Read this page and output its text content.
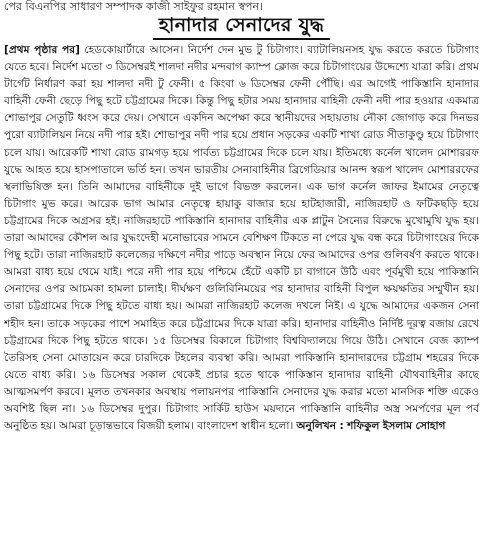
পের বিএনপির সাধারণ সম্পাদক কাজী সাইফুর রহমান স্বপন।
হানাদার সেনাদের যুদ্ধ

[প্রথম পৃষ্ঠার পর] হেডকোয়ার্টারে আসেন। নির্দেশ দেন মুভ টু চিটাগাং। ব্যাটালিয়নসহ যুদ্ধ করতে করতে চিটাগাং যেতে হবে। নির্দেশ মতো ৩ ডিসেম্বরই শালদা নদীর মন্দবাগ ক্যাম্প ক্লোজ করে চিটাগাংয়ের উদ্দেশ্যে যাত্রা করি। প্রথম টার্গেট নির্ধারণ করা হয় শালদা নদী টু ফেনী। ৫ কিংবা ৬ ডিসেম্বর ফেনী পৌঁছি। এর আগেই পাকিস্তানি হানাদার বাহিনী ফেনী ছেড়ে পিছু হটে চট্টগ্রামের দিকে। কিন্তু পিছু হটার সময় হানাদার বাহিনী ফেনী নদী পার হওয়ার একমাত্র শোভাপুর সেতুটি ধ্বংস করে দেয়। সেখানে একদিন অপেক্ষা করে স্থানীয়দের সহায়তায় নৌকা জোগাড় করে দিনভর পুরো ব্যাটালিয়ন নিয়ে নদী পার হই। শোভাপুর নদী পার হয়ে প্রধান সড়কের একটি শাখা রোড সীতাকুণ্ডু হয়ে চিটাগাং চলে যায়। আরেকটি শাখা রোড রামগড় হয়ে পার্বত্য চট্টগ্রামের দিকে চলে যায়। ইতিমধ্যে কর্নেল খালেদ মোশাররফ যুদ্ধে আহত হয়ে হাসপাতালে ভর্তি হন। তখন ভারতীয় সেনাবাহিনীর ব্রিগেডিয়ার আনন্দ স্বরূপ খালেদ মোশাররফের স্থলাভিষিক্ত হন। তিনি আমাদের বাহিনীকে দুই ভাগে বিভক্ত করলেন। এক ভাগ কর্নেল জাফর ইমামের নেতৃত্বে চিটাগাং মুভ করে। আরেক ভাগ আমার নেতৃত্বে হায়াকু বাজার হয়ে হাটহাজারী, নাজিরহাট ও ফটিকছড়ি হয়ে চট্টগ্রামের দিকে অগ্রসর হই। নাজিরহাটে পাকিস্তানি হানাদার বাহিনীর এক প্লাটুন সৈন্যের বিরুদ্ধে মুখোমুখি যুদ্ধ হয়। তারা আমাদের কৌশল আর যুদ্ধংদেহী মনোভাবের সামনে বেশিক্ষণ টিকতে না পেরে যুদ্ধ বন্ধ করে চিটাগাংয়ের দিকে পিছু হটে। তারা নাজিরহাট কলেজের দক্ষিণে নদীর পাড়ে অবস্থান নিয়ে ফের আমাদের ওপর গুলিবর্ষণ করতে থাকে। আমরা বাধ্য হয়ে থেমে যাই। পরে নদী পার হয়ে পশ্চিমে হেঁটে একটি চা বাগানে উঠি এবং পূর্বমুখী হয়ে পাকিস্তানি সেনাদের ওপর আচমকা হামলা চালাই। দীর্ঘক্ষণ গুলিবিনিময়ের পর হানাদার বাহিনী বিপুল ক্ষয়ক্ষতির সম্মুখীন হয়। তারা চট্টগ্রামের দিকে পিছু হটতে বাধ্য হয়। আমরা নাজিরহাট কলেজ দখলে নিই। এ যুদ্ধে আমাদের একজন সেনা শহীদ হন। তাকে সড়কের পাশে সমাহিত করে চট্টগ্রামের দিকে যাত্রা করি। হানাদার বাহিনীও নির্দিষ্ট দূরত্ব বজায় রেখে চট্টগ্রামের দিকে পিছু হটতে থাকে। ১৫ ডিসেম্বর বিকালে চিটাগাং বিশ্ববিদ্যালয়ে গিয়ে উঠি। সেখানে বেজ ক্যাম্প তৈরিসহ সেনা মোতায়েন করে চারদিকে টহলের ব্যবস্থা করি। আমরা পাকিস্তানি হানাদারদের চট্টগ্রাম শহরের দিকে যেতে বাধ্য করি। ১৬ ডিসেম্বর সকাল থেকেই প্রচার হতে থাকে পাকিস্তান হানাদার বাহিনী যৌথবাহিনীর কাছে আত্মসমর্পণ করবে। মূলত তখনকার অবস্থায় পলায়নপর পাকিস্তানি সেনাদের যুদ্ধ করার মতো মানসিক শক্তি একেও অবশিষ্ট ছিল না। ১৬ ডিসেম্বর দুপুর। চিটাগাং সার্কিট হাউস ময়দানে পাকিস্তানি বাহিনীর অস্ত্র সমর্পণের মূল পর্ব অনুষ্ঠিত হয়। আমরা চূড়ান্তভাবে বিজয়ী হলাম। বাংলাদেশ স্বাধীন হলো। অনুলিখন : শফিকুল ইসলাম সোহাগ
